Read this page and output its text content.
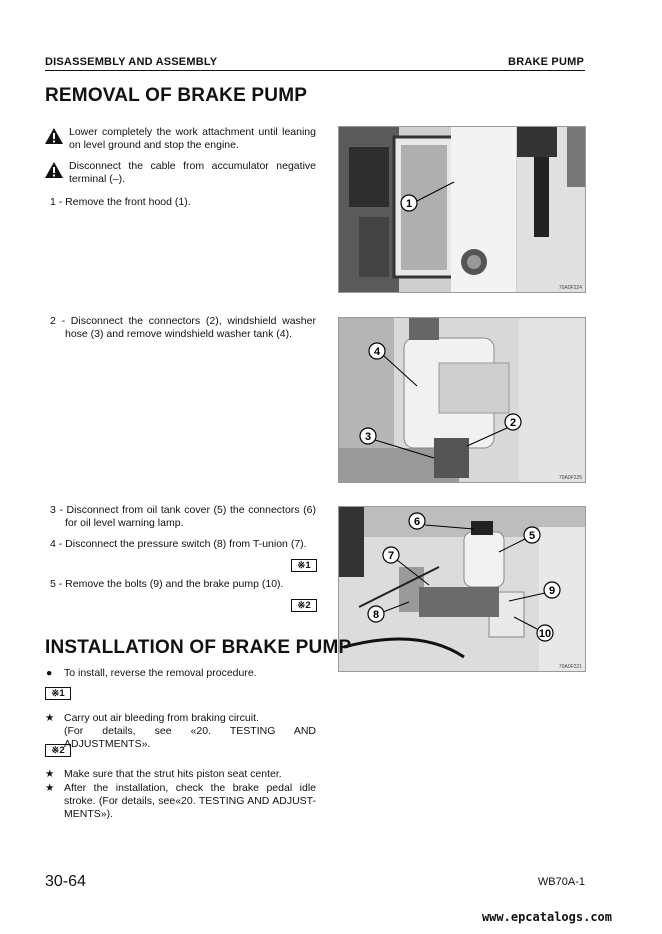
DISASSEMBLY AND ASSEMBLY	BRAKE PUMP
REMOVAL OF BRAKE PUMP
Lower completely the work attachment until leaning on level ground and stop the engine.
Disconnect the cable from accumulator negative terminal (–).
1 - Remove the front hood (1).
2 - Disconnect the connectors (2), windshield washer hose (3) and remove windshield washer tank (4).
3 - Disconnect from oil tank cover (5) the connectors (6) for oil level warning lamp.
4 - Disconnect the pressure switch (8) from T-union (7).
※1
5 - Remove the bolts (9) and the brake pump (10).
※2
1
70A0F224
4
2
3
70A0F225
6
5
7
9
8
10
70A0F221
INSTALLATION OF BRAKE PUMP
● To install, reverse the removal procedure.
※1
★ Carry out air bleeding from braking circuit.
(For details, see «20. TESTING AND ADJUSTMENTS».
※2
★ Make sure that the strut hits piston seat center.
★ After the installation, check the brake pedal idle stroke. (For details, see«20. TESTING AND ADJUST-MENTS»).
30-64	WB70A-1
www.epcatalogs.com
